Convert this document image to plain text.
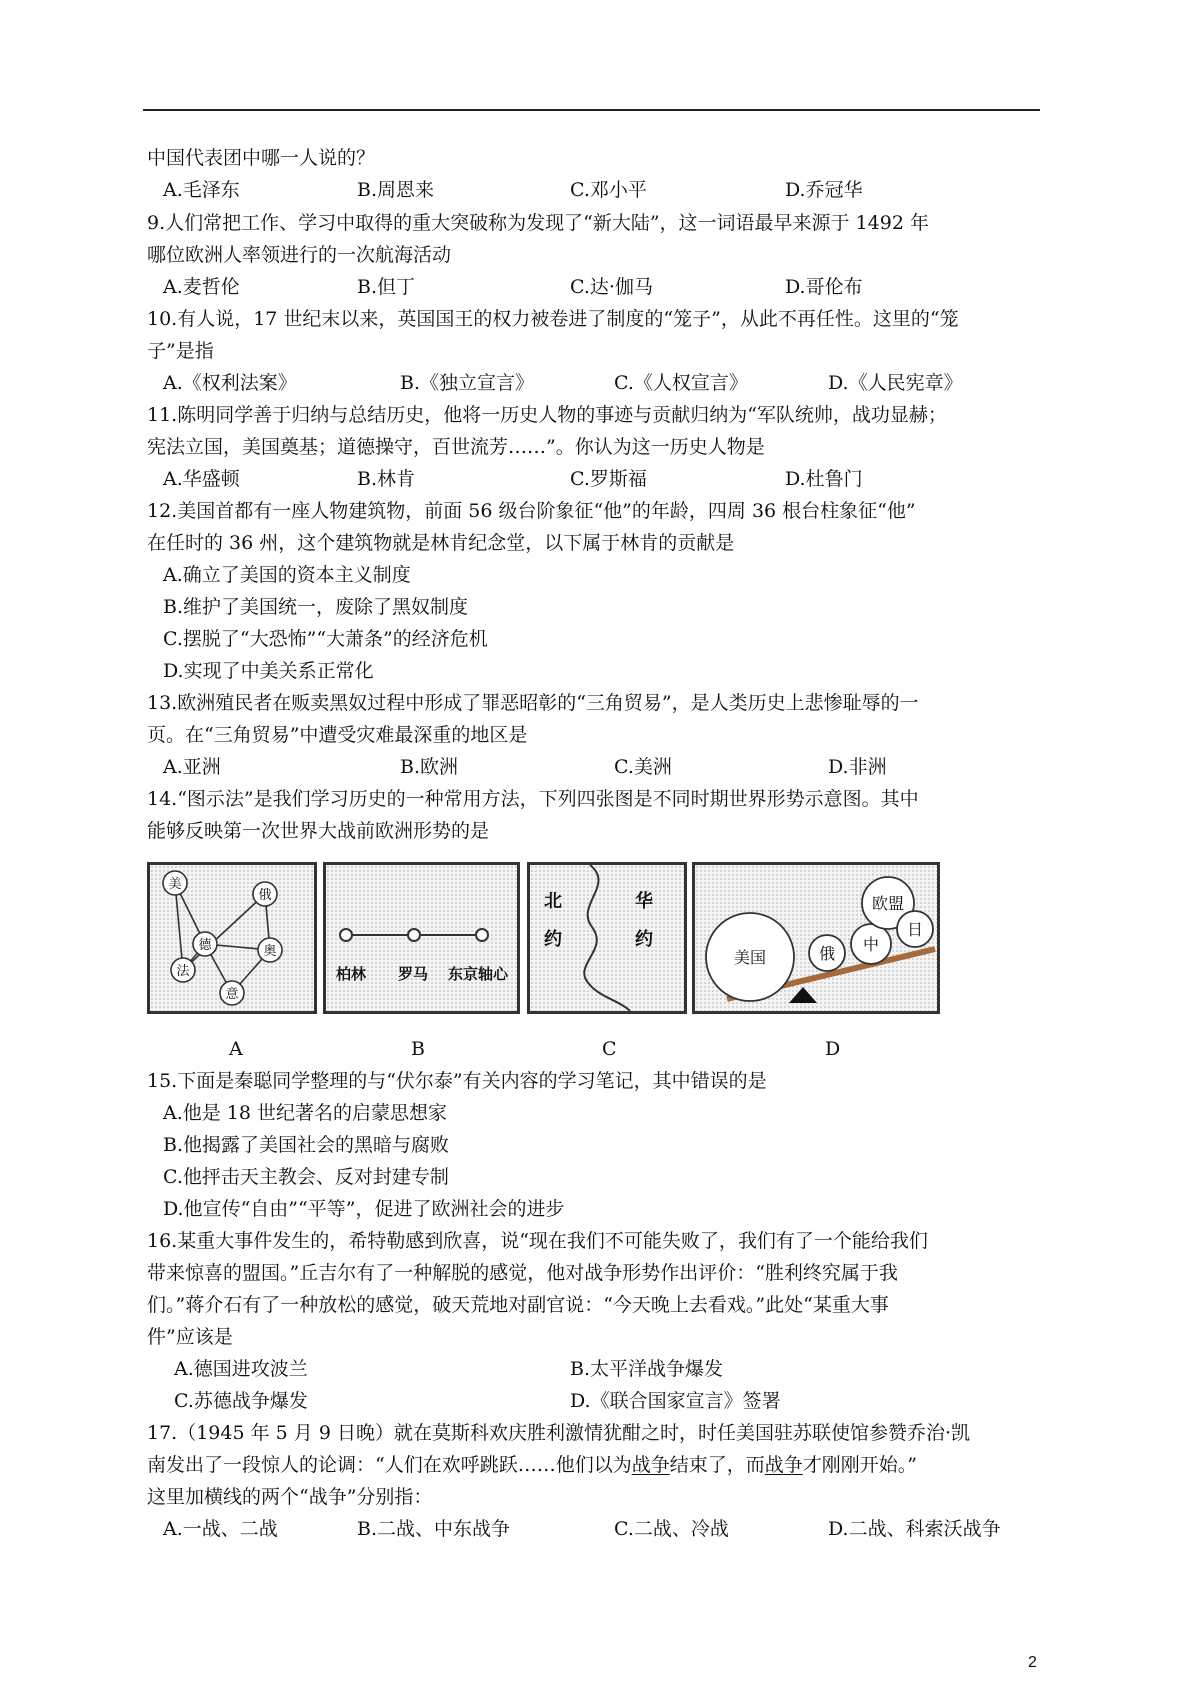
中国代表团中哪一人说的？
A.毛泽东	B.周恩来	C.邓小平	D.乔冠华
9.人们常把工作、学习中取得的重大突破称为发现了“新大陆”，这一词语最早来源于 1492 年
哪位欧洲人率领进行的一次航海活动
A.麦哲伦	B.但丁	C.达·伽马	D.哥伦布
10.有人说，17 世纪末以来，英国国王的权力被卷进了制度的“笼子”，从此不再任性。这里的“笼
子”是指
A.《权利法案》	B.《独立宣言》	C.《人权宣言》	D.《人民宪章》
11.陈明同学善于归纳与总结历史，他将一历史人物的事迹与贡献归纳为“军队统帅，战功显赫；
宪法立国，美国奠基；道德操守，百世流芳……”。你认为这一历史人物是
A.华盛顿	B.林肯	C.罗斯福	D.杜鲁门
12.美国首都有一座人物建筑物，前面 56 级台阶象征“他”的年龄，四周 36 根台柱象征“他”
在任时的 36 州，这个建筑物就是林肯纪念堂，以下属于林肯的贡献是
A.确立了美国的资本主义制度
B.维护了美国统一，废除了黑奴制度
C.摆脱了“大恐怖”“大萧条”的经济危机
D.实现了中美关系正常化
13.欧洲殖民者在贩卖黑奴过程中形成了罪恶昭彰的“三角贸易”，是人类历史上悲惨耻辱的一
页。在“三角贸易”中遭受灾难最深重的地区是
A.亚洲	B.欧洲	C.美洲	D.非洲
14.“图示法”是我们学习历史的一种常用方法，下列四张图是不同时期世界形势示意图。其中
能够反映第一次世界大战前欧洲形势的是
美
俄
德
法
奥
意
柏林 罗马 东京轴心
北
约
华
约
美国	俄 中
欧盟
日
A	B	C	D
15.下面是秦聪同学整理的与“伏尔泰”有关内容的学习笔记，其中错误的是
A.他是 18 世纪著名的启蒙思想家
B.他揭露了美国社会的黑暗与腐败
C.他抨击天主教会、反对封建专制
D.他宣传“自由”“平等”，促进了欧洲社会的进步
16.某重大事件发生的，希特勒感到欣喜，说“现在我们不可能失败了，我们有了一个能给我们
带来惊喜的盟国。”丘吉尔有了一种解脱的感觉，他对战争形势作出评价：“胜利终究属于我
们。”蒋介石有了一种放松的感觉，破天荒地对副官说：“今天晚上去看戏。”此处“某重大事
件”应该是
A.德国进攻波兰	B.太平洋战争爆发
C.苏德战争爆发	D.《联合国家宣言》签署
17.（1945 年 5 月 9 日晚）就在莫斯科欢庆胜利激情犹酣之时，时任美国驻苏联使馆参赞乔治·凯
南发出了一段惊人的论调：“人们在欢呼跳跃……他们以为战争结束了，而战争才刚刚开始。”
这里加横线的两个“战争”分别指：
A.一战、二战	B.二战、中东战争	C.二战、冷战	D.二战、科索沃战争
2
